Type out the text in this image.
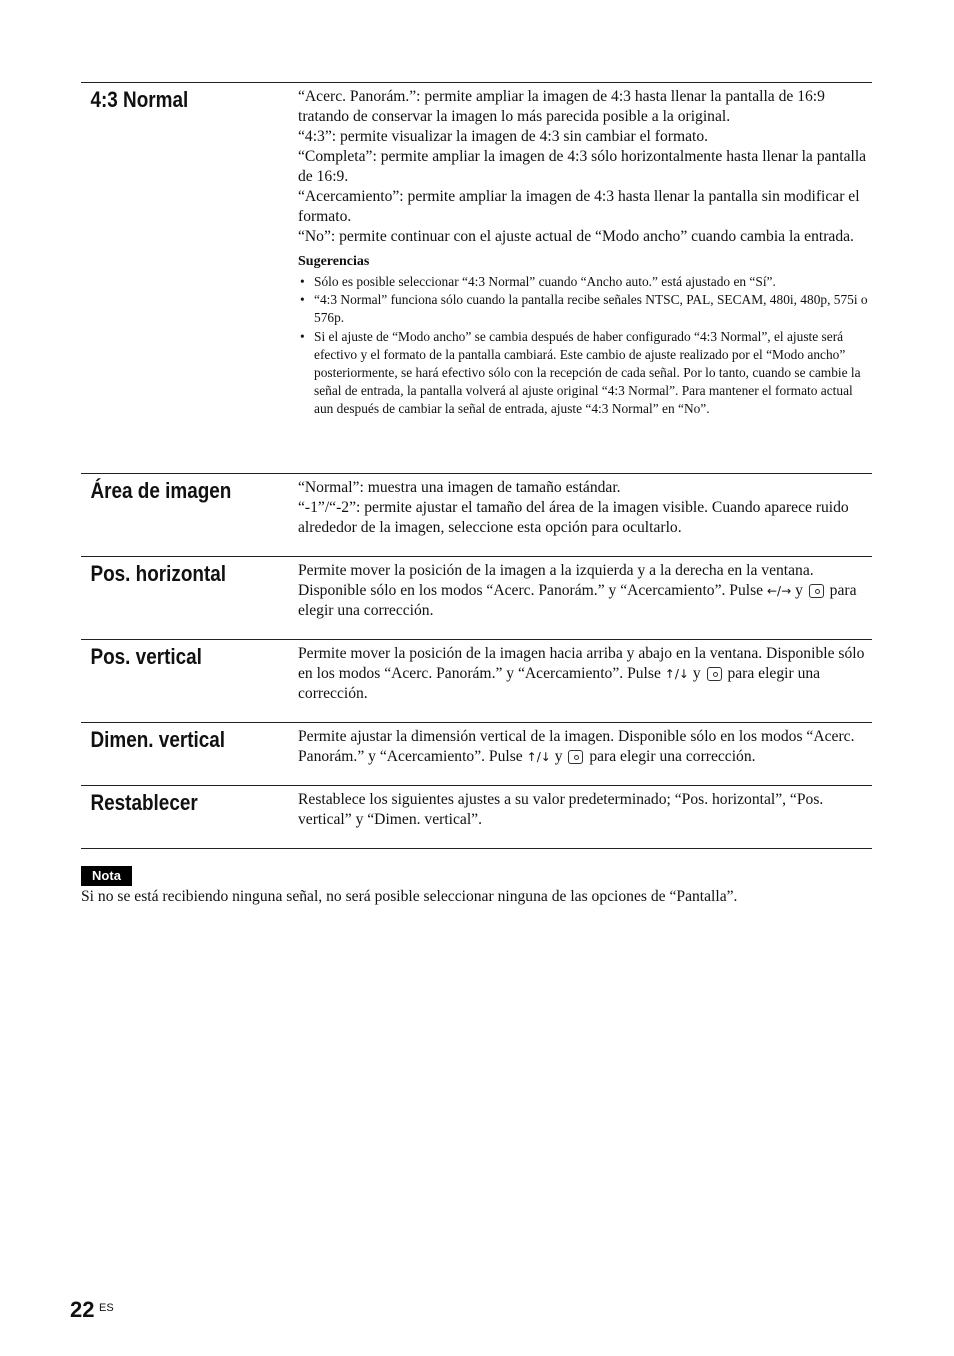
4:3 Normal	“Acerc. Panorám.”: permite ampliar la imagen de 4:3 hasta llenar la pantalla de 16:9 tratando de conservar la imagen lo más parecida posible a la original.

“4:3”: permite visualizar la imagen de 4:3 sin cambiar el formato.

“Completa”: permite ampliar la imagen de 4:3 sólo horizontalmente hasta llenar la pantalla de 16:9.

“Acercamiento”: permite ampliar la imagen de 4:3 hasta llenar la pantalla sin modificar el formato.

“No”: permite continuar con el ajuste actual de “Modo ancho” cuando cambia la entrada.

Sugerencias
• Sólo es posible seleccionar “4:3 Normal” cuando “Ancho auto.” está ajustado en “Sí”.
• “4:3 Normal” funciona sólo cuando la pantalla recibe señales NTSC, PAL, SECAM, 480i, 480p, 575i o 576p.
• Si el ajuste de “Modo ancho” se cambia después de haber configurado “4:3 Normal”, el ajuste será efectivo y el formato de la pantalla cambiará. Este cambio de ajuste realizado por el “Modo ancho” posteriormente, se hará efectivo sólo con la recepción de cada señal. Por lo tanto, cuando se cambie la señal de entrada, la pantalla volverá al ajuste original “4:3 Normal”. Para mantener el formato actual aun después de cambiar la señal de entrada, ajuste “4:3 Normal” en “No”.
Área de imagen	“Normal”: muestra una imagen de tamaño estándar.

“-1”/“-2”: permite ajustar el tamaño del área de la imagen visible. Cuando aparece ruido alrededor de la imagen, seleccione esta opción para ocultarlo.

Pos. horizontal	Permite mover la posición de la imagen a la izquierda y a la derecha en la ventana. Disponible sólo en los modos “Acerc. Panorám.” y “Acercamiento”. Pulse ←/→ y para elegir una corrección.

Pos. vertical	Permite mover la posición de la imagen hacia arriba y abajo en la ventana. Disponible sólo en los modos “Acerc. Panorám.” y “Acercamiento”. Pulse ↑/↓ y para elegir una corrección.

Dimen. vertical	Permite ajustar la dimensión vertical de la imagen. Disponible sólo en los modos “Acerc. Panorám.” y “Acercamiento”. Pulse ↑/↓ y para elegir una corrección.

Restablecer	Restablece los siguientes ajustes a su valor predeterminado; “Pos. horizontal”, “Pos. vertical” y “Dimen. vertical”.

Nota
Si no se está recibiendo ninguna señal, no será posible seleccionar ninguna de las opciones de “Pantalla”.
22 ES
